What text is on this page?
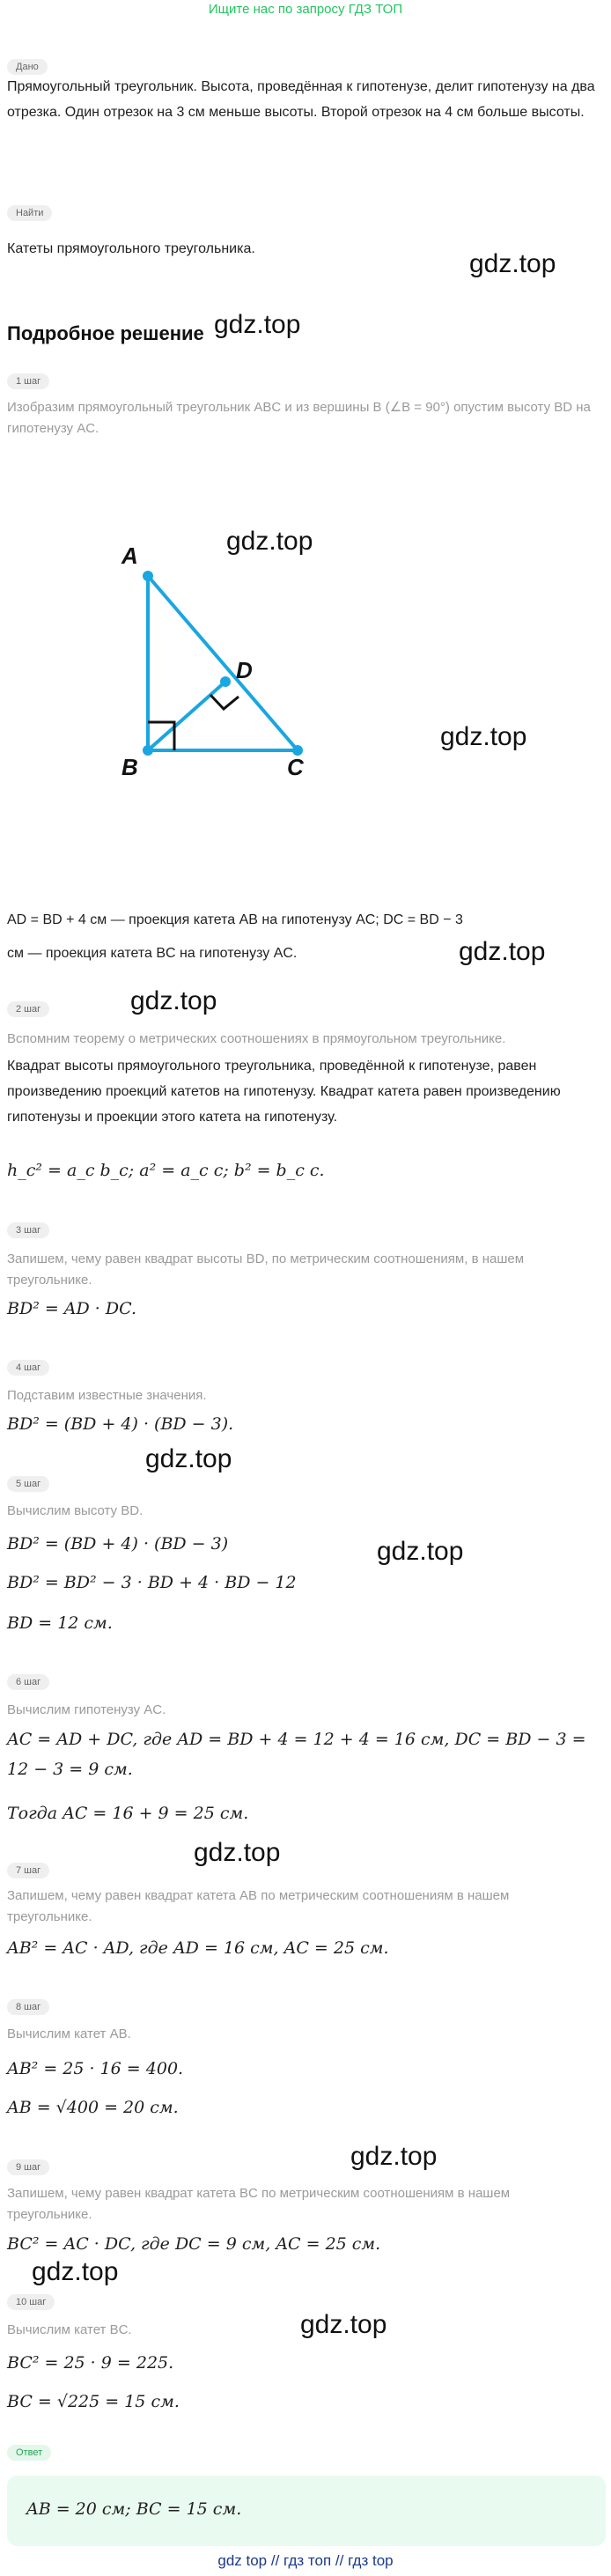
Ищите нас по запросу ГДЗ ТОП
Дано
Прямоугольный треугольник. Высота, проведённая к гипотенузе, делит гипотенузу на два отрезка. Один отрезок на 3 см меньше высоты. Второй отрезок на 4 см больше высоты.
Найти
Катеты прямоугольного треугольника.
gdz.top
gdz.top
Подробное решение
1 шаг
Изобразим прямоугольный треугольник ABC и из вершины B (∠B = 90°) опустим высоту BD на гипотенузу AC.
gdz.top
A
B
D
C
gdz.top
AD = BD + 4 см — проекция катета AB на гипотенузу AC; DC = BD − 3
см — проекция катета BC на гипотенузу AC.	gdz.top
2 шаг	gdz.top
Вспомним теорему о метрических соотношениях в прямоугольном треугольнике.
Квадрат высоты прямоугольного треугольника, проведённой к гипотенузе, равен произведению проекций катетов на гипотенузу. Квадрат катета равен произведению гипотенузы и проекции этого катета на гипотенузу.
h_c² = a_c b_c; a² = a_c c; b² = b_c c.
3 шаг
Запишем, чему равен квадрат высоты BD, по метрическим соотношениям, в нашем треугольнике.
BD² = AD · DC.
4 шаг
Подставим известные значения.
BD² = (BD + 4) · (BD − 3).
gdz.top
5 шаг
Вычислим высоту BD.
BD² = (BD + 4) · (BD − 3)	gdz.top
BD² = BD² − 3 · BD + 4 · BD − 12
BD = 12 см.
6 шаг
Вычислим гипотенузу AC.
AC = AD + DC, где AD = BD + 4 = 12 + 4 = 16 см, DC = BD − 3 =
12 − 3 = 9 см.
Тогда AC = 16 + 9 = 25 см.
gdz.top
7 шаг
Запишем, чему равен квадрат катета AB по метрическим соотношениям в нашем треугольнике.
AB² = AC · AD, где AD = 16 см, AC = 25 см.
8 шаг
Вычислим катет AB.
AB² = 25 · 16 = 400.
AB = √400 = 20 см.
gdz.top
9 шаг
Запишем, чему равен квадрат катета BC по метрическим соотношениям в нашем треугольнике.
BC² = AC · DC, где DC = 9 см, AC = 25 см.
gdz.top
10 шаг
gdz.top
Вычислим катет BC.
BC² = 25 · 9 = 225.
BC = √225 = 15 см.
Ответ
AB = 20 см; BC = 15 см.
gdz top // гдз топ // гдз top
